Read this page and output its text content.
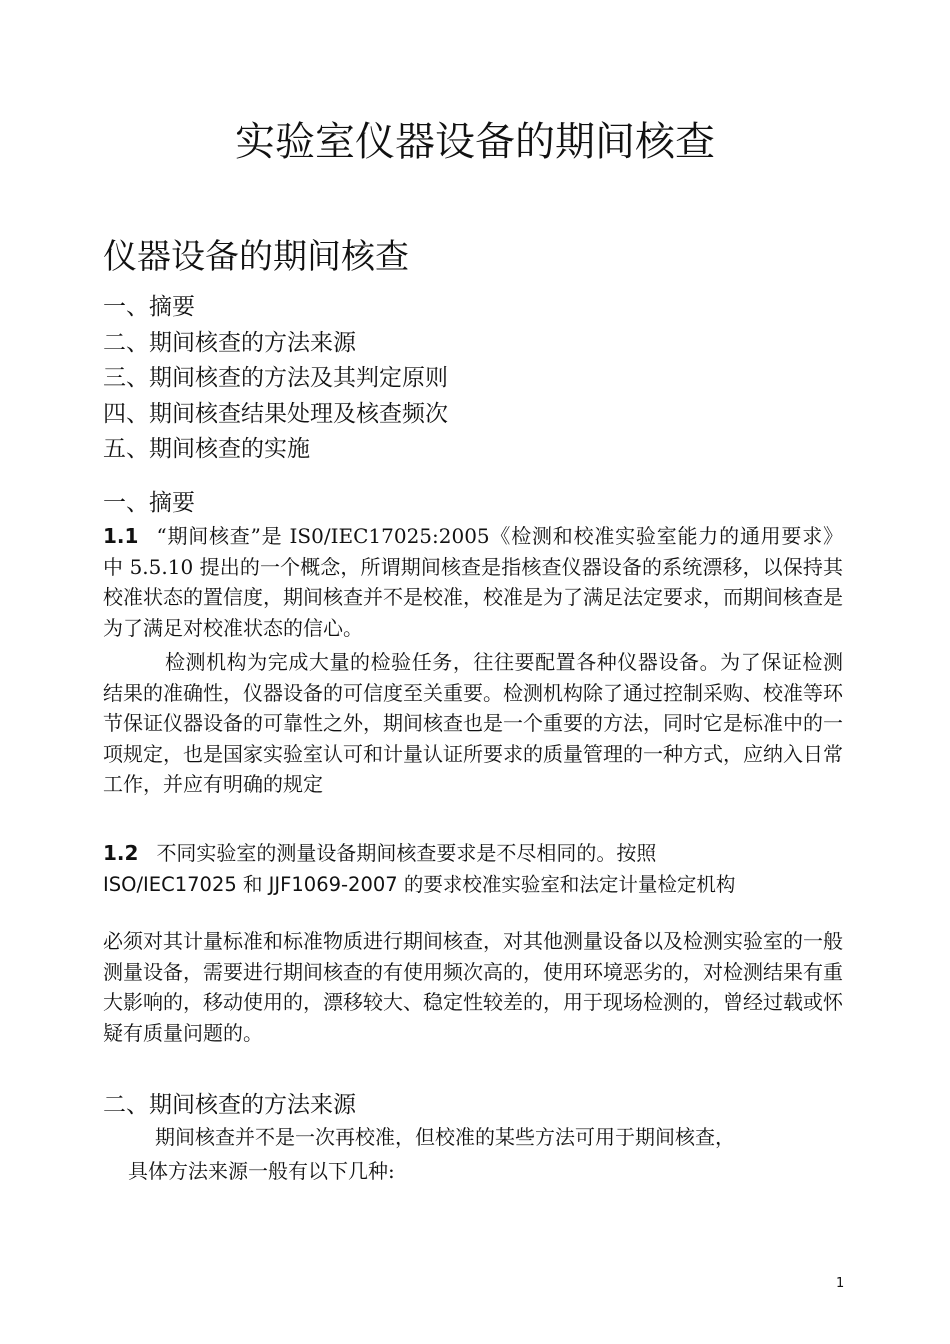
实验室仪器设备的期间核查
仪器设备的期间核查
一、摘要
二、期间核查的方法来源
三、期间核查的方法及其判定原则
四、期间核查结果处理及核查频次
五、期间核查的实施
一、摘要

1.1 “期间核查”是 IS0/IEC17025:2005《检测和校准实验室能力的通用要求》中 5.5.10 提出的一个概念，所谓期间核查是指核查仪器设备的系统漂移，以保持其校准状态的置信度，期间核查并不是校准，校准是为了满足法定要求，而期间核查是为了满足对校准状态的信心。

检测机构为完成大量的检验任务，往往要配置各种仪器设备。为了保证检测结果的准确性，仪器设备的可信度至关重要。检测机构除了通过控制采购、校准等环节保证仪器设备的可靠性之外，期间核查也是一个重要的方法，同时它是标准中的一项规定，也是国家实验室认可和计量认证所要求的质量管理的一种方式，应纳入日常工作，并应有明确的规定

1.2 不同实验室的测量设备期间核查要求是不尽相同的。按照

ISO/IEC17025 和 JJF1069-2007 的要求校准实验室和法定计量检定机构

必须对其计量标准和标准物质进行期间核查，对其他测量设备以及检测实验室的一般测量设备，需要进行期间核查的有使用频次高的，使用环境恶劣的，对检测结果有重大影响的，移动使用的，漂移较大、稳定性较差的，用于现场检测的，曾经过载或怀疑有质量问题的。

二、期间核查的方法来源

期间核查并不是一次再校准，但校准的某些方法可用于期间核查，

具体方法来源一般有以下几种:

1
